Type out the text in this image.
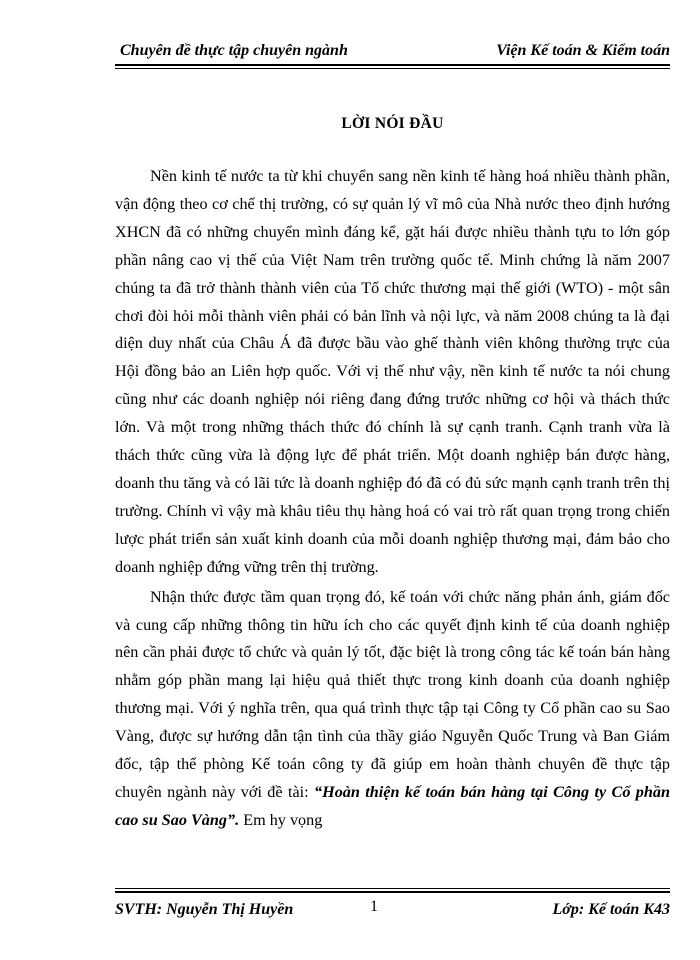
Chuyên đề thực tập chuyên ngành	Viện Kế toán & Kiểm toán
LỜI NÓI ĐẦU

Nền kinh tế nước ta từ khi chuyển sang nền kinh tế hàng hoá nhiều thành phần, vận động theo cơ chế thị trường, có sự quản lý vĩ mô của Nhà nước theo định hướng XHCN đã có những chuyển mình đáng kể, gặt hái được nhiều thành tựu to lớn góp phần nâng cao vị thế của Việt Nam trên trường quốc tế. Minh chứng là năm 2007 chúng ta đã trở thành thành viên của Tổ chức thương mại thế giới (WTO) - một sân chơi đòi hỏi mỗi thành viên phải có bản lĩnh và nội lực, và năm 2008 chúng ta là đại diện duy nhất của Châu Á đã được bầu vào ghế thành viên không thường trực của Hội đồng bảo an Liên hợp quốc. Với vị thế như vậy, nền kinh tế nước ta nói chung cũng như các doanh nghiệp nói riêng đang đứng trước những cơ hội và thách thức lớn. Và một trong những thách thức đó chính là sự cạnh tranh. Cạnh tranh vừa là thách thức cũng vừa là động lực để phát triển. Một doanh nghiệp bán được hàng, doanh thu tăng và có lãi tức là doanh nghiệp đó đã có đủ sức mạnh cạnh tranh trên thị trường. Chính vì vậy mà khâu tiêu thụ hàng hoá có vai trò rất quan trọng trong chiến lược phát triển sản xuất kinh doanh của mỗi doanh nghiệp thương mại, đảm bảo cho doanh nghiệp đứng vững trên thị trường.

Nhận thức được tầm quan trọng đó, kế toán với chức năng phản ánh, giám đốc và cung cấp những thông tin hữu ích cho các quyết định kinh tế của doanh nghiệp nên cần phải được tổ chức và quản lý tốt, đặc biệt là trong công tác kế toán bán hàng nhằm góp phần mang lại hiệu quả thiết thực trong kinh doanh của doanh nghiệp thương mại. Với ý nghĩa trên, qua quá trình thực tập tại Công ty Cổ phần cao su Sao Vàng, được sự hướng dẫn tận tình của thầy giáo Nguyễn Quốc Trung và Ban Giám đốc, tập thể phòng Kế toán công ty đã giúp em hoàn thành chuyên đề thực tập chuyên ngành này với đề tài: “Hoàn thiện kế toán bán hàng tại Công ty Cổ phần cao su Sao Vàng”. Em hy vọng

SVTH: Nguyễn Thị Huyền	1	Lớp: Kế toán K43
